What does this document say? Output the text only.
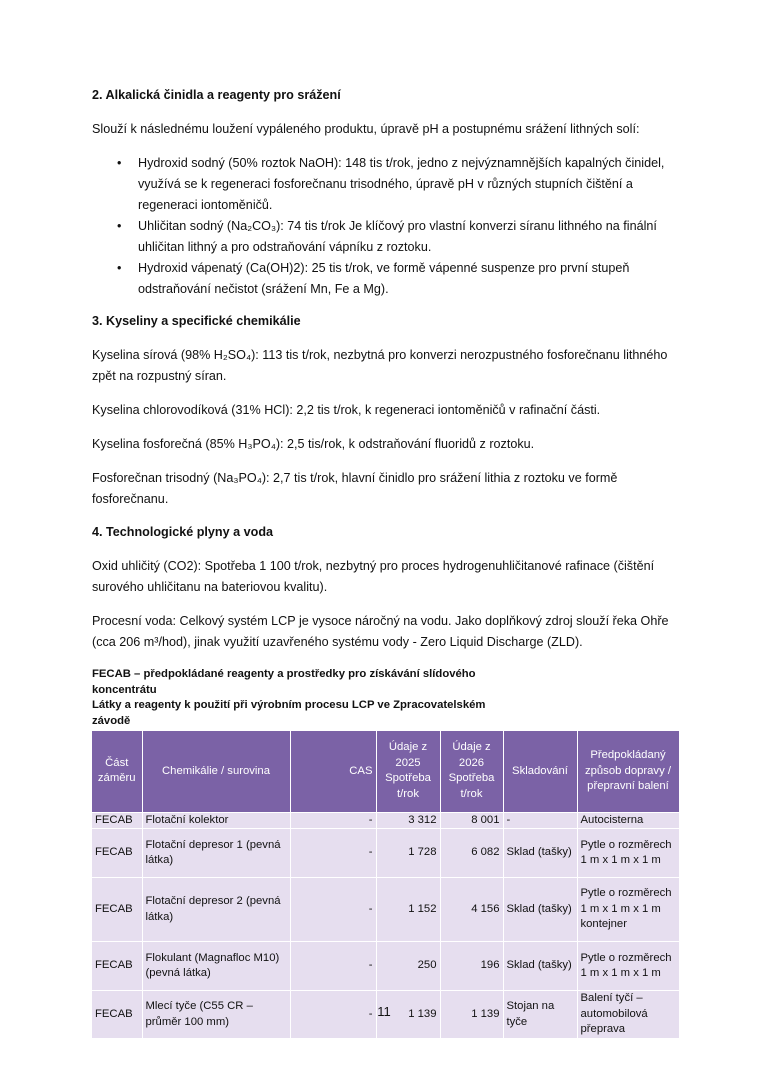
2. Alkalická činidla a reagenty pro srážení

Slouží k následnému loužení vypáleného produktu, úpravě pH a postupnému srážení lithných solí:

• Hydroxid sodný (50% roztok NaOH): 148 tis t/rok, jedno z nejvýznamnějších kapalných činidel, využívá se k regeneraci fosforečnanu trisodného, úpravě pH v různých stupních čištění a regeneraci iontoměničů.
• Uhličitan sodný (Na₂CO₃): 74 tis t/rok Je klíčový pro vlastní konverzi síranu lithného na finální uhličitan lithný a pro odstraňování vápníku z roztoku.
• Hydroxid vápenatý (Ca(OH)2): 25 tis t/rok, ve formě vápenné suspenze pro první stupeň odstraňování nečistot (srážení Mn, Fe a Mg).
3. Kyseliny a specifické chemikálie

Kyselina sírová (98% H₂SO₄): 113 tis t/rok, nezbytná pro konverzi nerozpustného fosforečnanu lithného zpět na rozpustný síran.

Kyselina chlorovodíková (31% HCl): 2,2 tis t/rok, k regeneraci iontoměničů v rafinační části.

Kyselina fosforečná (85% H₃PO₄): 2,5 tis/rok, k odstraňování fluoridů z roztoku.

Fosforečnan trisodný (Na₃PO₄): 2,7 tis t/rok, hlavní činidlo pro srážení lithia z roztoku ve formě fosforečnanu.

4. Technologické plyny a voda

Oxid uhličitý (CO2): Spotřeba 1 100 t/rok, nezbytný pro proces hydrogenuhličitanové rafinace (čištění surového uhličitanu na bateriovou kvalitu).

Procesní voda: Celkový systém LCP je vysoce náročný na vodu. Jako doplňkový zdroj slouží řeka Ohře (cca 206 m³/hod), jinak využití uzavřeného systému vody - Zero Liquid Discharge (ZLD).

FECAB – předpokládané reagenty a prostředky pro získávání slídového koncentrátu
Látky a reagenty k použití při výrobním procesu LCP ve Zpracovatelském závodě
Část záměru	Chemikálie / surovina	CAS	Údaje z 2025 Spotřeba t/rok	Údaje z 2026 Spotřeba t/rok	Skladování	Předpokládaný způsob dopravy / přepravní balení
FECAB	Flotační kolektor	-	3 312	8 001	-	Autocisterna
FECAB	Flotační depresor 1 (pevná látka)	-	1 728	6 082	Sklad (tašky)	Pytle o rozměrech 1 m x 1 m x 1 m
FECAB	Flotační depresor 2 (pevná látka)	-	1 152	4 156	Sklad (tašky)	Pytle o rozměrech 1 m x 1 m x 1 m kontejner
FECAB	Flokulant (Magnafloc M10) (pevná látka)	-	250	196	Sklad (tašky)	Pytle o rozměrech 1 m x 1 m x 1 m
FECAB	Mlecí tyče (C55 CR – průměr 100 mm)	-	1 139	1 139	Stojan na tyče	Balení tyčí – automobilová přeprava
11
